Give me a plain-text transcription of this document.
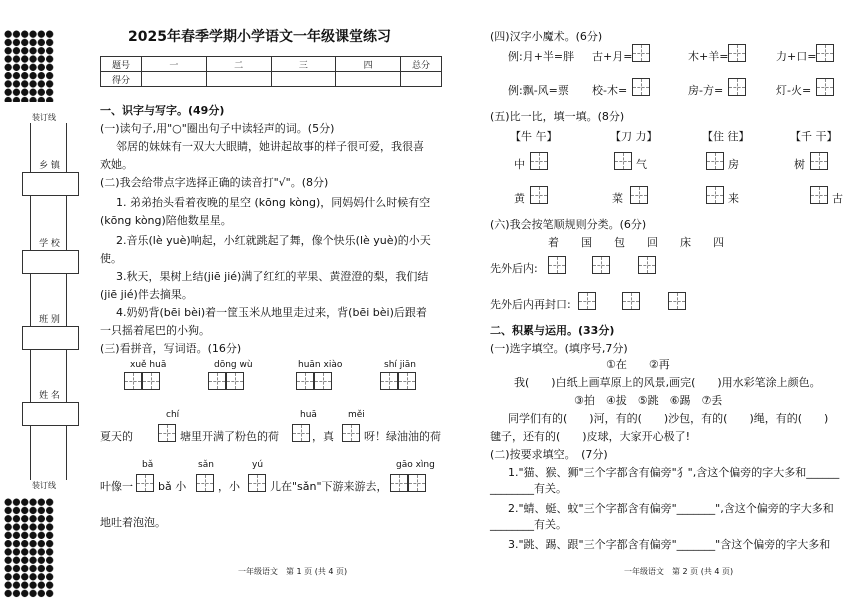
装订线
乡 镇
学 校
班 别
姓 名
装订线
2025年春季学期小学语文一年级课堂练习
题号	一	二	三	四	总分
得分					
一、识字与写字。(49分)
(一)读句子,用"○"圈出句子中读轻声的词。(5分)
邻居的妹妹有一双大大眼睛，她讲起故事的样子很可爱，我很喜
欢她。
(二)我会给带点字选择正确的读音打"√"。(8分)
1. 弟弟抬头看着夜晚的星空 (kōng kòng)，同妈妈什么时候有空
(kōng kòng)陪他数星星。
2.音乐(lè yuè)响起，小红就跳起了舞，像个快乐(lè yuè)的小天
使。
3.秋天，果树上结(jiē jié)满了红红的苹果、黄澄澄的梨，我们结
(jiē jié)伴去摘果。
4.奶奶背(bēi bèi)着一筐玉米从地里走过来，背(bēi bèi)后跟着
一只摇着尾巴的小狗。
(三)看拼音，写词语。(16分)
xuě huā	dōng wù	huān xiào	shí jiān
chí	huā	měi
夏天的	塘里开满了粉色的荷	，真	呀！绿油油的荷
bǎ	sǎn	yú	gāo xìng
叶像一 bǎ 小	，小	儿在"sǎn"下游来游去，
地吐着泡泡。
一年级语文　第 1 页 (共 4 页)
(四)汉字小魔术。(6分)
例:月+半=胖 古+月=	木+羊=	力+口=
例:飘-风=票 校-木=	房-方=	灯-火=
(五)比一比，填一填。(8分)
【牛 午】	【刀 力】	【住 往】	【千 干】
中	气	房	树
黄	菜	来	古
(六)我会按笔顺规则分类。(6分)
着　　国　　包　　回　　床　　四
先外后内:
先外后内再封口:
二、积累与运用。(33分)
(一)选字填空。(填序号,7分)
①在　　②再
我(　　)白纸上画草原上的风景,画完(　　)用水彩笔涂上颜色。
③拍　④拔　⑤跳　⑥踢　⑦丢
同学们有的(　　)河，有的(　　)沙包，有的(　　)绳，有的(　　)
毽子，还有的(　　)皮球，大家开心极了!
(二)按要求填空。　(7分)
1."猫、猴、狮"三个字都含有偏旁"犭",含这个偏旁的字大多和______
________有关。
2."蜻、蜓、蚊"三个字都含有偏旁"_______",含这个偏旁的字大多和
________有关。
3."跳、踢、跟"三个字都含有偏旁"_______"含这个偏旁的字大多和
一年级语文　第 2 页 (共 4 页)
